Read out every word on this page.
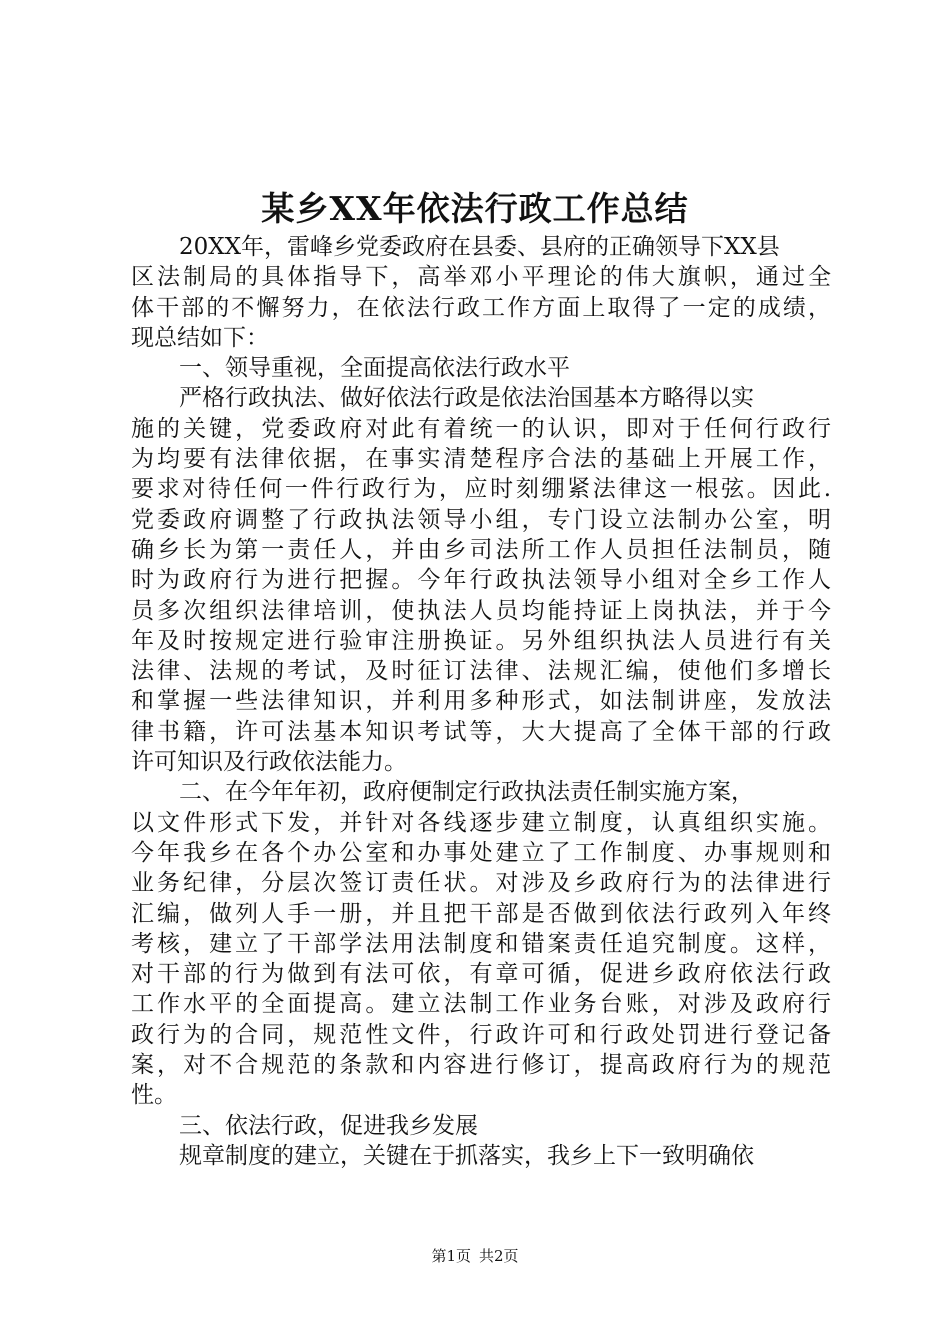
某乡XX年依法行政工作总结
20XX年，雷峰乡党委政府在县委、县府的正确领导下XX县
区法制局的具体指导下，高举邓小平理论的伟大旗帜，通过全
体干部的不懈努力，在依法行政工作方面上取得了一定的成绩，
现总结如下：
一、领导重视，全面提高依法行政水平
严格行政执法、做好依法行政是依法治国基本方略得以实
施的关键，党委政府对此有着统一的认识，即对于任何行政行
为均要有法律依据，在事实清楚程序合法的基础上开展工作，
要求对待任何一件行政行为，应时刻绷紧法律这一根弦。因此.
党委政府调整了行政执法领导小组，专门设立法制办公室，明
确乡长为第一责任人，并由乡司法所工作人员担任法制员，随
时为政府行为进行把握。今年行政执法领导小组对全乡工作人
员多次组织法律培训，使执法人员均能持证上岗执法，并于今
年及时按规定进行验审注册换证。另外组织执法人员进行有关
法律、法规的考试，及时征订法律、法规汇编，使他们多增长
和掌握一些法律知识，并利用多种形式，如法制讲座，发放法
律书籍，许可法基本知识考试等，大大提高了全体干部的行政
许可知识及行政依法能力。
二、在今年年初，政府便制定行政执法责任制实施方案，
以文件形式下发，并针对各线逐步建立制度，认真组织实施。
今年我乡在各个办公室和办事处建立了工作制度、办事规则和
业务纪律，分层次签订责任状。对涉及乡政府行为的法律进行
汇编，做列人手一册，并且把干部是否做到依法行政列入年终
考核，建立了干部学法用法制度和错案责任追究制度。这样，
对干部的行为做到有法可依，有章可循，促进乡政府依法行政
工作水平的全面提高。建立法制工作业务台账，对涉及政府行
政行为的合同，规范性文件，行政许可和行政处罚进行登记备
案，对不合规范的条款和内容进行修订，提高政府行为的规范
性。
三、依法行政，促进我乡发展
规章制度的建立，关键在于抓落实，我乡上下一致明确依
第1页 共2页
